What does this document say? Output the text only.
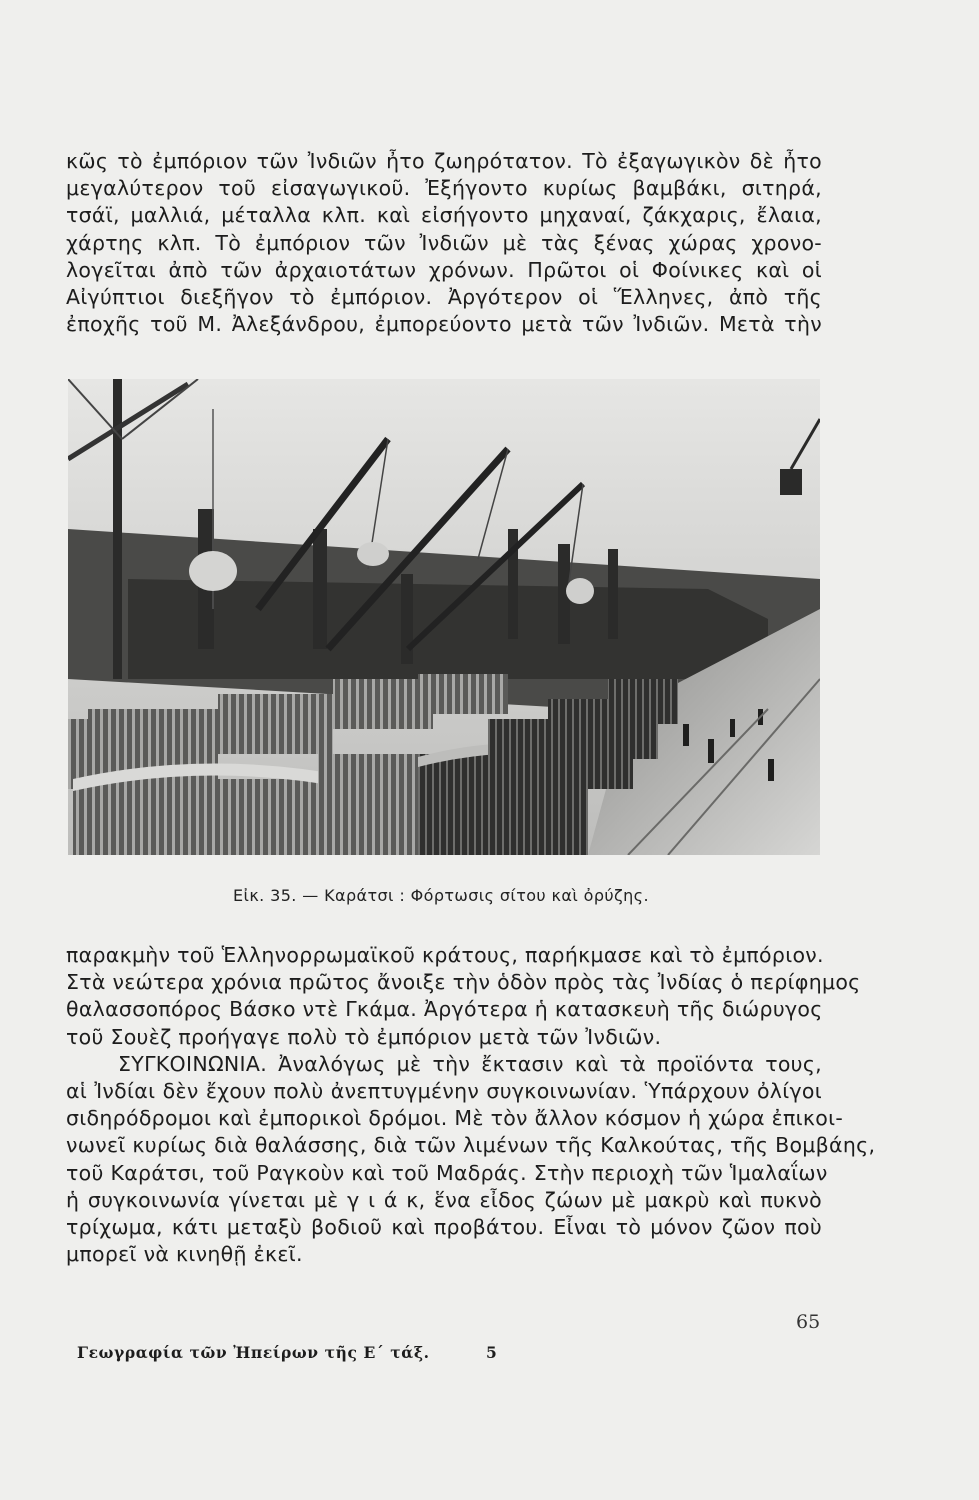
κῶς τὸ ἐμπόριον τῶν Ἰνδιῶν ἦτο ζωηρότατον. Τὸ ἐξαγωγικὸν δὲ ἦτο
μεγαλύτερον τοῦ εἰσαγωγικοῦ. Ἐξήγοντο κυρίως βαμβάκι, σιτηρά,
τσάϊ, μαλλιά, μέταλλα κλπ. καὶ εἰσήγοντο μηχαναί, ζάκχαρις, ἔλαια,
χάρτης κλπ. Τὸ ἐμπόριον τῶν Ἰνδιῶν μὲ τὰς ξένας χώρας χρονο-
λογεῖται ἀπὸ τῶν ἀρχαιοτάτων χρόνων. Πρῶτοι οἱ Φοίνικες καὶ οἱ
Αἰγύπτιοι διεξῆγον τὸ ἐμπόριον. Ἀργότερον οἱ Ἕλληνες, ἀπὸ τῆς
ἐποχῆς τοῦ Μ. Ἀλεξάνδρου, ἐμπορεύοντο μετὰ τῶν Ἰνδιῶν. Μετὰ τὴν
Εἰκ. 35. — Καράτσι : Φόρτωσις σίτου καὶ ὀρύζης.
παρακμὴν τοῦ Ἑλληνορρωμαϊκοῦ κράτους, παρήκμασε καὶ τὸ ἐμπόριον.
Στὰ νεώτερα χρόνια πρῶτος ἄνοιξε τὴν ὁδὸν πρὸς τὰς Ἰνδίας ὁ περίφημος
θαλασσοπόρος Βάσκο ντὲ Γκάμα. Ἀργότερα ἡ κατασκευὴ τῆς διώρυγος
τοῦ Σουὲζ προήγαγε πολὺ τὸ ἐμπόριον μετὰ τῶν Ἰνδιῶν.
ΣΥΓΚΟΙΝΩΝΙΑ. Ἀναλόγως μὲ τὴν ἔκτασιν καὶ τὰ προϊόντα τους,
αἱ Ἰνδίαι δὲν ἔχουν πολὺ ἀνεπτυγμένην συγκοινωνίαν. Ὑπάρχουν ὀλίγοι
σιδηρόδρομοι καὶ ἐμπορικοὶ δρόμοι. Μὲ τὸν ἄλλον κόσμον ἡ χώρα ἐπικοι-
νωνεῖ κυρίως διὰ θαλάσσης, διὰ τῶν λιμένων τῆς Καλκούτας, τῆς Βομβάης,
τοῦ Καράτσι, τοῦ Ραγκοὺν καὶ τοῦ Μαδράς. Στὴν περιοχὴ τῶν Ἱμαλαΐων
ἡ συγκοινωνία γίνεται μὲ γ ι ά κ, ἕνα εἶδος ζώων μὲ μακρὺ καὶ πυκνὸ
τρίχωμα, κάτι μεταξὺ βοδιοῦ καὶ προβάτου. Εἶναι τὸ μόνον ζῶον ποὺ
μπορεῖ νὰ κινηθῇ ἐκεῖ.
65
Γεωγραφία τῶν Ἠπείρων τῆς Ε΄ τάξ.	5
